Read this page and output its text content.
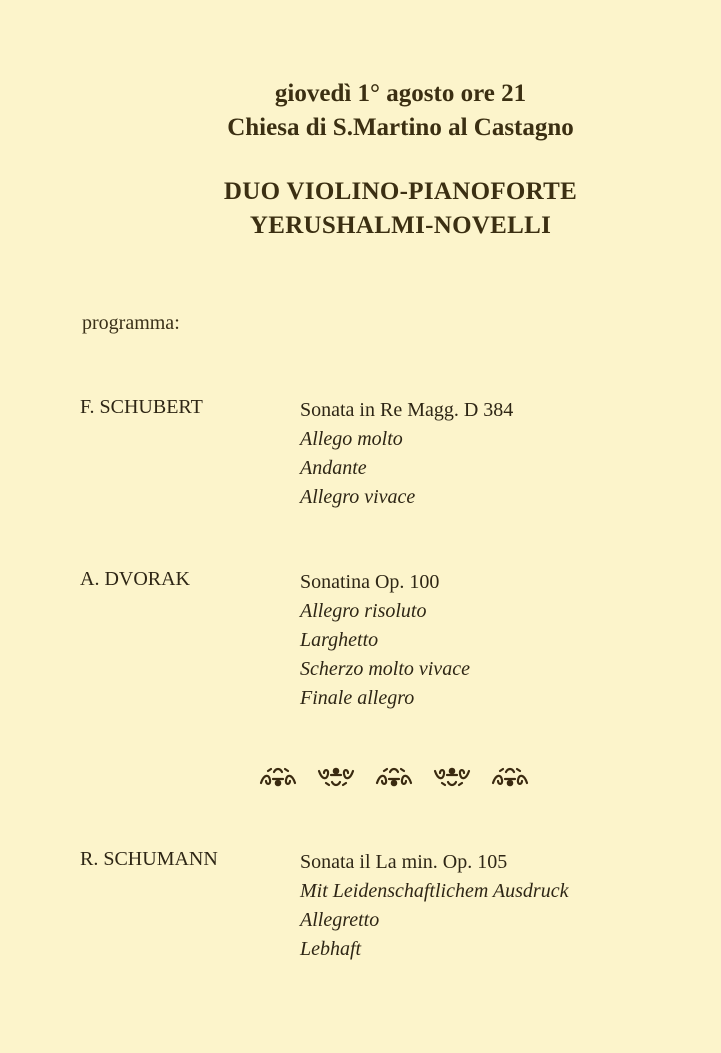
giovedì 1° agosto ore 21
Chiesa di S.Martino al Castagno
DUO VIOLINO-PIANOFORTE
YERUSHALMI-NOVELLI
programma:
F. SCHUBERT	Sonata in Re Magg. D 384
Allego molto
Andante
Allegro vivace
A. DVORAK	Sonatina Op. 100
Allegro risoluto
Larghetto
Scherzo molto vivace
Finale allegro
R. SCHUMANN	Sonata il La min. Op. 105
Mit Leidenschaftlichem Ausdruck
Allegretto
Lebhaft
